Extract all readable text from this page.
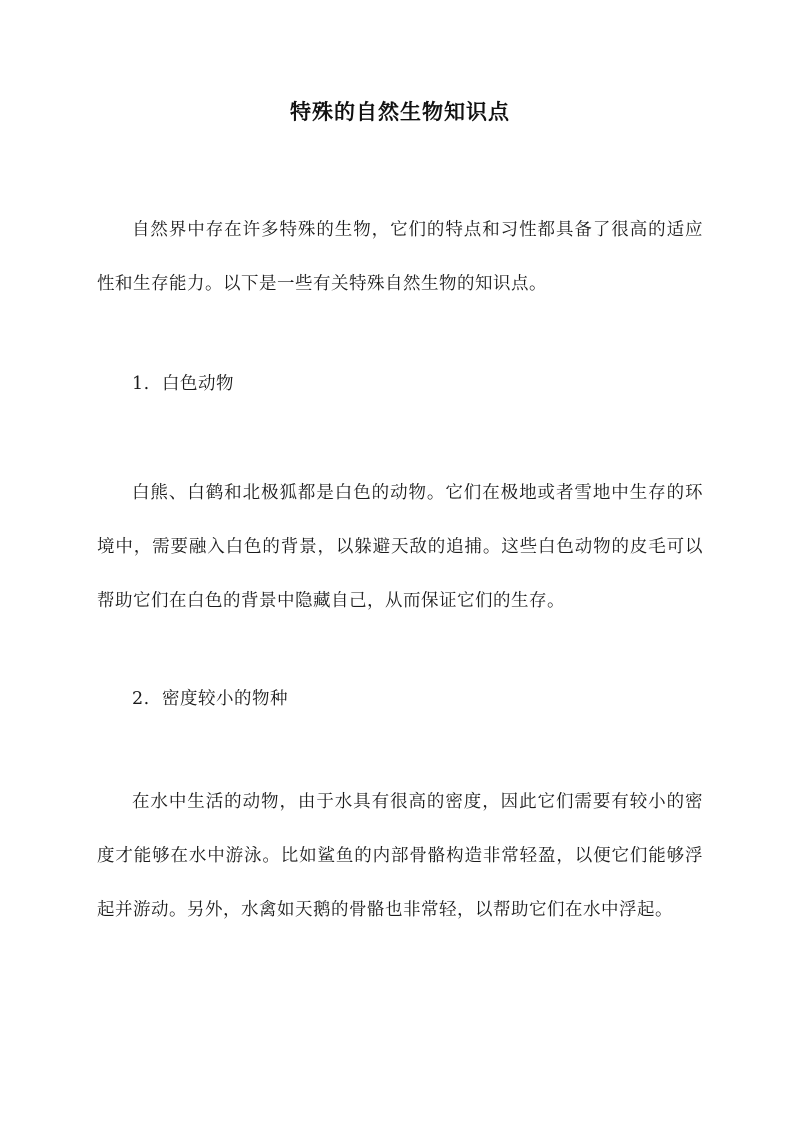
特殊的自然生物知识点

自然界中存在许多特殊的生物，它们的特点和习性都具备了很高的适应性和生存能力。以下是一些有关特殊自然生物的知识点。

1. 白色动物

白熊、白鹤和北极狐都是白色的动物。它们在极地或者雪地中生存的环境中，需要融入白色的背景，以躲避天敌的追捕。这些白色动物的皮毛可以帮助它们在白色的背景中隐藏自己，从而保证它们的生存。

2. 密度较小的物种

在水中生活的动物，由于水具有很高的密度，因此它们需要有较小的密度才能够在水中游泳。比如鲨鱼的内部骨骼构造非常轻盈，以便它们能够浮起并游动。另外，水禽如天鹅的骨骼也非常轻，以帮助它们在水中浮起。
